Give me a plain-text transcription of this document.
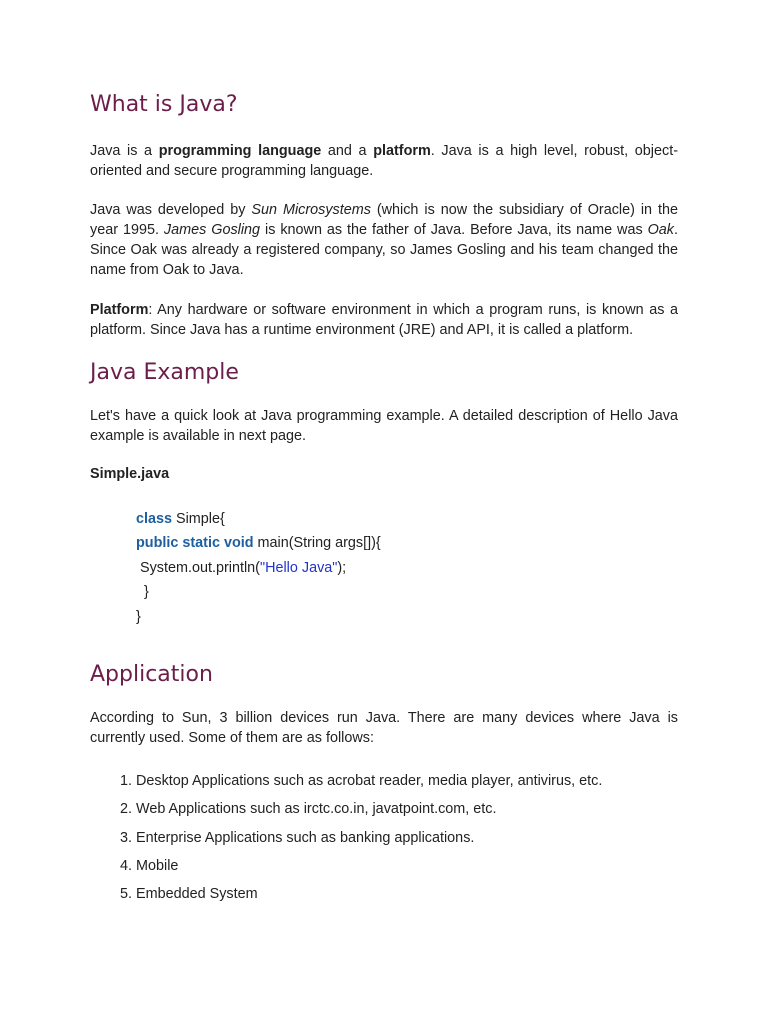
What is Java?

Java is a programming language and a platform. Java is a high level, robust, object-oriented and secure programming language.

Java was developed by Sun Microsystems (which is now the subsidiary of Oracle) in the year 1995. James Gosling is known as the father of Java. Before Java, its name was Oak. Since Oak was already a registered company, so James Gosling and his team changed the name from Oak to Java.

Platform: Any hardware or software environment in which a program runs, is known as a platform. Since Java has a runtime environment (JRE) and API, it is called a platform.

Java Example

Let's have a quick look at Java programming example. A detailed description of Hello Java example is available in next page.

Simple.java
class Simple{
public static void main(String args[]){
System.out.println("Hello Java");
}
}
Application

According to Sun, 3 billion devices run Java. There are many devices where Java is currently used. Some of them are as follows:

1. Desktop Applications such as acrobat reader, media player, antivirus, etc.
2. Web Applications such as irctc.co.in, javatpoint.com, etc.
3. Enterprise Applications such as banking applications.
4. Mobile
5. Embedded System
